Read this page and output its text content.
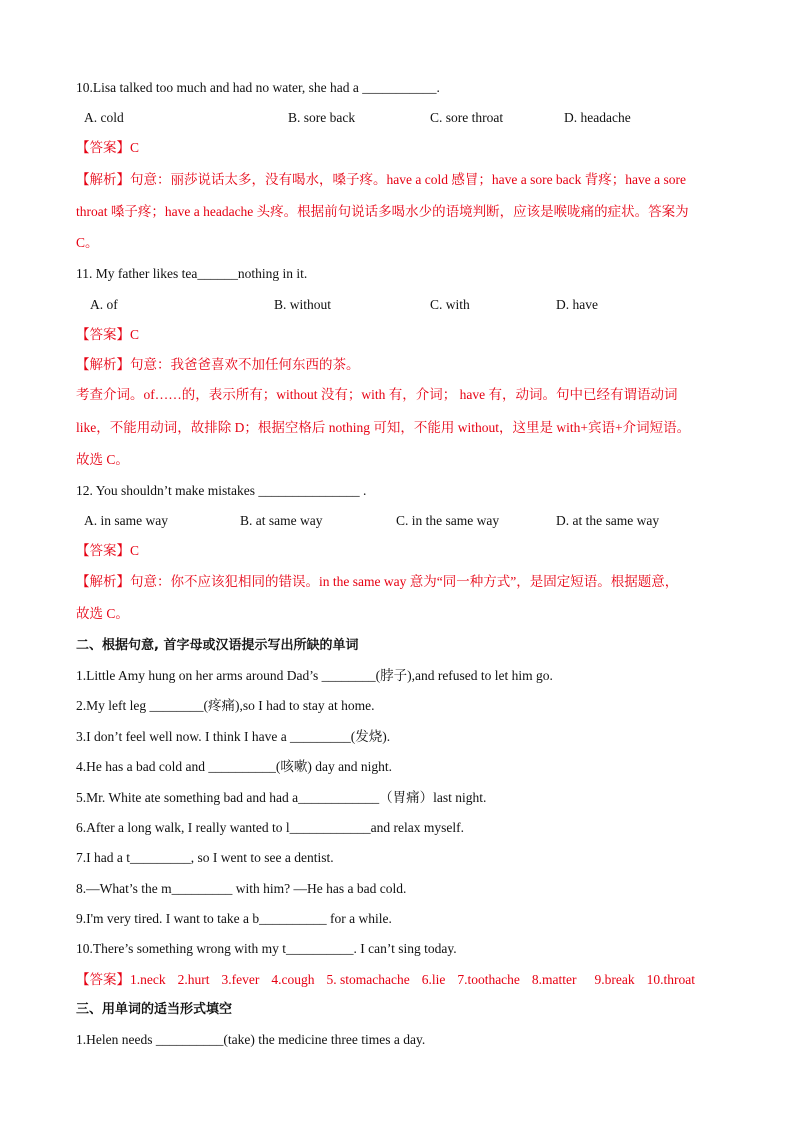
10.Lisa talked too much and had no water, she had a ___________.
A. cold	B. sore back	C. sore throat	D. headache
【答案】C
【解析】句意：丽莎说话太多，没有喝水，嗓子疼。have a cold 感冒；have a sore back 背疼；have a sore
throat 嗓子疼；have a headache 头疼。根据前句说话多喝水少的语境判断，应该是喉咙痛的症状。答案为
C。
11. My father likes tea______nothing in it.
A. of	B. without	C. with	D. have
【答案】C
【解析】句意：我爸爸喜欢不加任何东西的茶。
考查介词。of……的，表示所有；without 没有；with 有，介词； have 有，动词。句中已经有谓语动词
like，不能用动词，故排除 D；根据空格后 nothing 可知，不能用 without，这里是 with+宾语+介词短语。
故选 C。
12. You shouldn’t make mistakes _______________ .
A. in same way	B. at same way	C. in the same way	D. at the same way
【答案】C
【解析】句意：你不应该犯相同的错误。in the same way 意为“同一种方式”，是固定短语。根据题意，
故选 C。
二、根据句意, 首字母或汉语提示写出所缺的单词
1.Little Amy hung on her arms around Dad’s ________(脖子),and refused to let him go.
2.My left leg ________(疼痛),so I had to stay at home.
3.I don’t feel well now. I think I have a _________(发烧).
4.He has a bad cold and __________(咳嗽) day and night.
5.Mr. White ate something bad and had a____________（胃痛）last night.
6.After a long walk, I really wanted to l____________and relax myself.
7.I had a t_________, so I went to see a dentist.
8.—What’s the m_________ with him? —He has a bad cold.
9.I'm very tired. I want to take a b__________ for a while.
10.There’s something wrong with my t__________. I can’t sing today.
【答案】1.neck 2.hurt 3.fever 4.cough 5. stomachache 6.lie 7.toothache 8.matter 9.break 10.throat
三、用单词的适当形式填空
1.Helen needs __________(take) the medicine three times a day.
